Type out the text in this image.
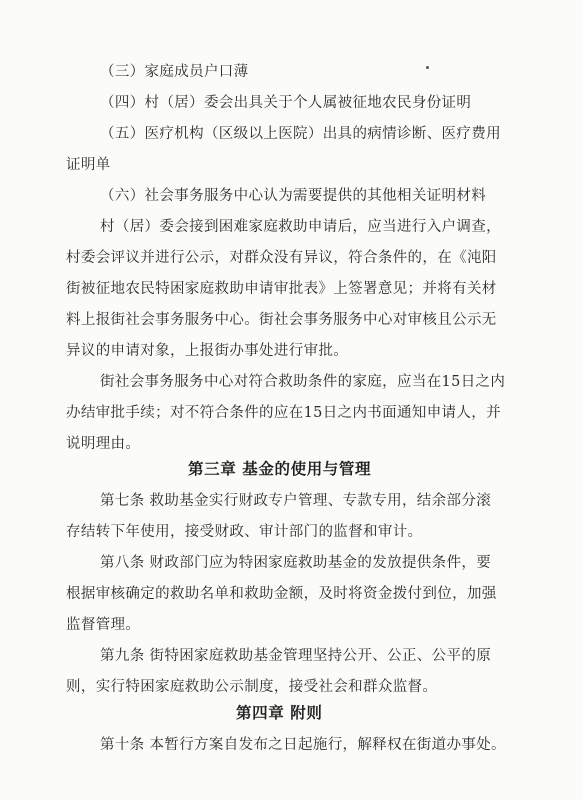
（三）家庭成员户口薄
（四）村（居）委会出具关于个人属被征地农民身份证明
（五）医疗机构（区级以上医院）出具的病情诊断、医疗费用
证明单
（六）社会事务服务中心认为需要提供的其他相关证明材料
村（居）委会接到困难家庭救助申请后，应当进行入户调查，
村委会评议并进行公示，对群众没有异议，符合条件的，在《沌阳
街被征地农民特困家庭救助申请审批表》上签署意见；并将有关材
料上报街社会事务服务中心。街社会事务服务中心对审核且公示无
异议的申请对象，上报街办事处进行审批。
街社会事务服务中心对符合救助条件的家庭，应当在15日之内
办结审批手续；对不符合条件的应在15日之内书面通知申请人，并
说明理由。
第三章 基金的使用与管理
第七条 救助基金实行财政专户管理、专款专用，结余部分滚
存结转下年使用，接受财政、审计部门的监督和审计。
第八条 财政部门应为特困家庭救助基金的发放提供条件，要
根据审核确定的救助名单和救助金额，及时将资金拨付到位，加强
监督管理。
第九条 街特困家庭救助基金管理坚持公开、公正、公平的原
则，实行特困家庭救助公示制度，接受社会和群众监督。
第四章 附则
第十条 本暂行方案自发布之日起施行，解释权在街道办事处。
